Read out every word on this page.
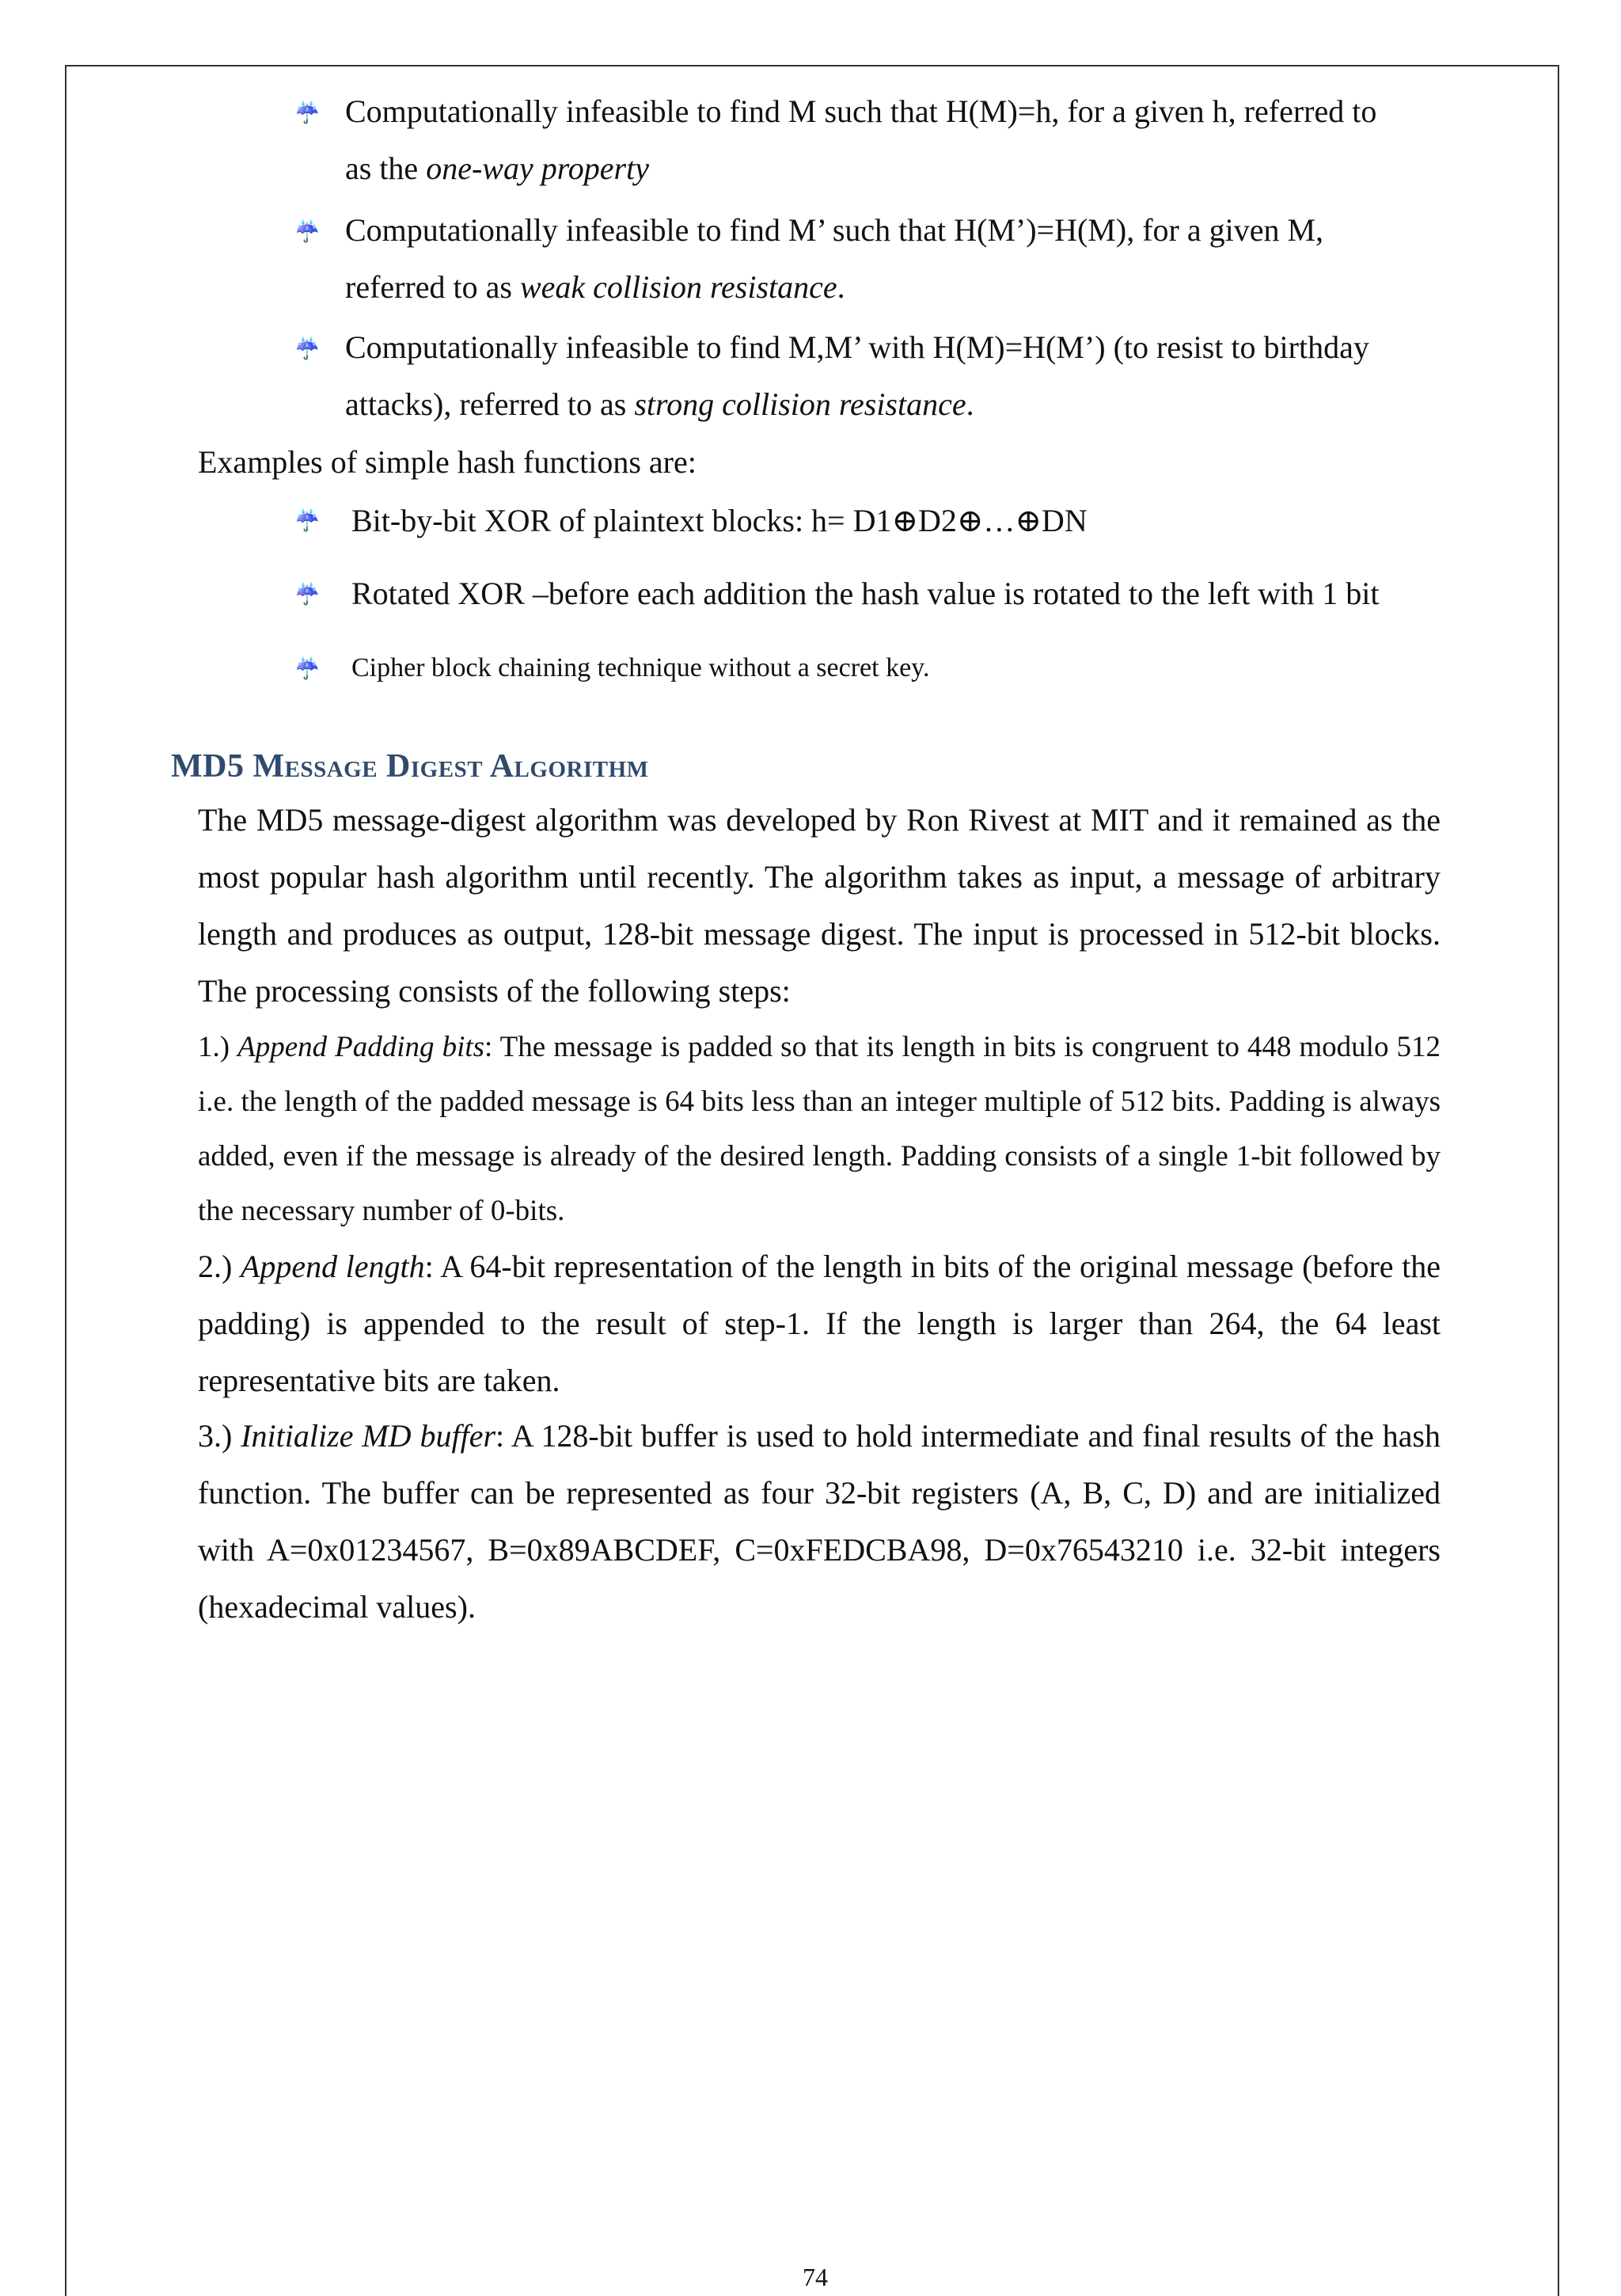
☔ Computationally infeasible to find M such that H(M)=h, for a given h, referred to
as the one-way property
☔ Computationally infeasible to find M’ such that H(M’)=H(M), for a given M,
referred to as weak collision resistance.
☔ Computationally infeasible to find M,M’ with H(M)=H(M’) (to resist to birthday
attacks), referred to as strong collision resistance.
Examples of simple hash functions are:
☔ Bit-by-bit XOR of plaintext blocks: h= D1⊕D2⊕…⊕DN
☔ Rotated XOR –before each addition the hash value is rotated to the left with 1 bit
☔ Cipher block chaining technique without a secret key.
MD5 Message Digest Algorithm
The MD5 message-digest algorithm was developed by Ron Rivest at MIT and it remained as the most popular hash algorithm until recently. The algorithm takes as input, a message of arbitrary length and produces as output, 128-bit message digest. The input is processed in 512-bit blocks. The processing consists of the following steps:
1.) Append Padding bits: The message is padded so that its length in bits is congruent to 448 modulo 512 i.e. the length of the padded message is 64 bits less than an integer multiple of 512 bits. Padding is always added, even if the message is already of the desired length. Padding consists of a single 1-bit followed by the necessary number of 0-bits.
2.) Append length: A 64-bit representation of the length in bits of the original message (before the padding) is appended to the result of step-1. If the length is larger than 264, the 64 least representative bits are taken.
3.) Initialize MD buffer: A 128-bit buffer is used to hold intermediate and final results of the hash function. The buffer can be represented as four 32-bit registers (A, B, C, D) and are initialized with A=0x01234567, B=0x89ABCDEF, C=0xFEDCBA98, D=0x76543210 i.e. 32-bit integers (hexadecimal values).
74
